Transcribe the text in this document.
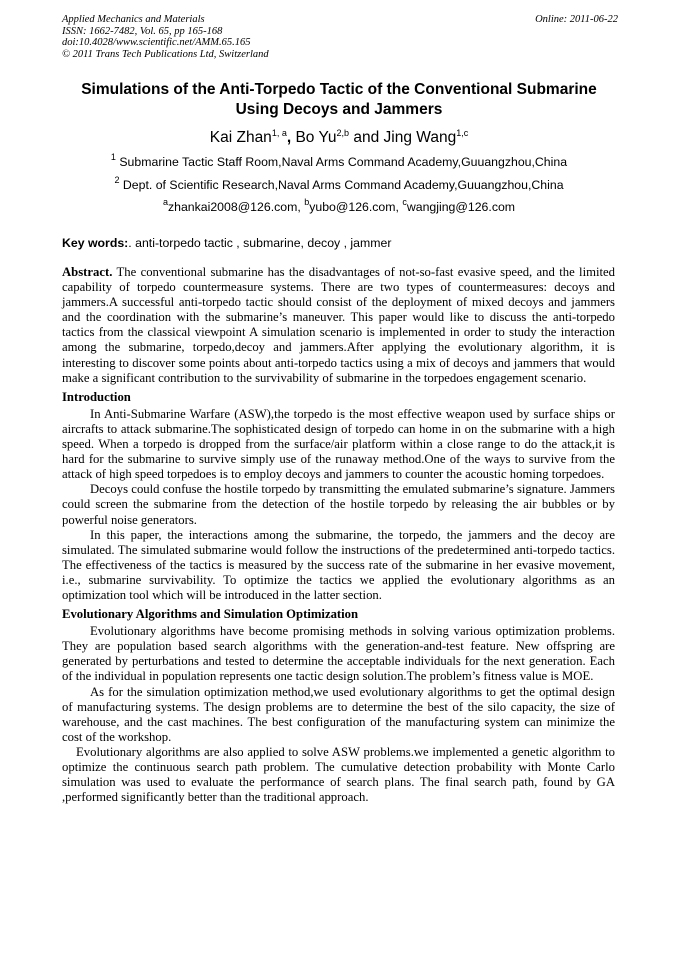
Applied Mechanics and Materials
ISSN: 1662-7482, Vol. 65, pp 165-168
doi:10.4028/www.scientific.net/AMM.65.165
© 2011 Trans Tech Publications Ltd, Switzerland
Online: 2011-06-22
Simulations of the Anti-Torpedo Tactic of the Conventional Submarine
Using Decoys and Jammers
Kai Zhan$^{1, a}$, Bo Yu$^{2,b}$ and Jing Wang$^{1,c}$
$^1$ Submarine Tactic Staff Room,Naval Arms Command Academy,Guuangzhou,China
$^2$ Dept. of Scientific Research,Naval Arms Command Academy,Guuangzhou,China
$^a$zhankai2008@126.com, $^b$yubo@126.com, $^c$wangjing@126.com
Key words:. anti-torpedo tactic , submarine, decoy , jammer

Abstract. The conventional submarine has the disadvantages of not-so-fast evasive speed, and the limited capability of torpedo countermeasure systems. There are two types of countermeasures: decoys and jammers.A successful anti-torpedo tactic should consist of the deployment of mixed decoys and jammers and the coordination with the submarine’s maneuver. This paper would like to discuss the anti-torpedo tactics from the classical viewpoint A simulation scenario is implemented in order to study the interaction among the submarine, torpedo,decoy and jammers.After applying the evolutionary algorithm, it is interesting to discover some points about anti-torpedo tactics using a mix of decoys and jammers that would make a significant contribution to the survivability of submarine in the torpedoes engagement scenario.

Introduction

In Anti-Submarine Warfare (ASW),the torpedo is the most effective weapon used by surface ships or aircrafts to attack submarine.The sophisticated design of torpedo can home in on the submarine with a high speed. When a torpedo is dropped from the surface/air platform within a close range to do the attack,it is hard for the submarine to survive simply use of the runaway method.One of the ways to survive from the attack of high speed torpedoes is to employ decoys and jammers to counter the acoustic homing torpedoes.

Decoys could confuse the hostile torpedo by transmitting the emulated submarine’s signature. Jammers could screen the submarine from the detection of the hostile torpedo by releasing the air bubbles or by powerful noise generators.

In this paper, the interactions among the submarine, the torpedo, the jammers and the decoy are simulated. The simulated submarine would follow the instructions of the predetermined anti-torpedo tactics. The effectiveness of the tactics is measured by the success rate of the submarine in her evasive movement, i.e., submarine survivability. To optimize the tactics we applied the evolutionary algorithms as an optimization tool which will be introduced in the latter section.

Evolutionary Algorithms and Simulation Optimization

Evolutionary algorithms have become promising methods in solving various optimization problems. They are population based search algorithms with the generation-and-test feature. New offspring are generated by perturbations and tested to determine the acceptable individuals for the next generation. Each of the individual in population represents one tactic design solution.The problem’s fitness value is MOE.

As for the simulation optimization method,we used evolutionary algorithms to get the optimal design of manufacturing systems. The design problems are to determine the best of the silo capacity, the size of warehouse, and the cast machines. The best configuration of the manufacturing system can minimize the cost of the workshop.

Evolutionary algorithms are also applied to solve ASW problems.we implemented a genetic algorithm to optimize the continuous search path problem. The cumulative detection probability with Monte Carlo simulation was used to evaluate the performance of search plans. The final search path, found by GA ,performed significantly better than the traditional approach.
